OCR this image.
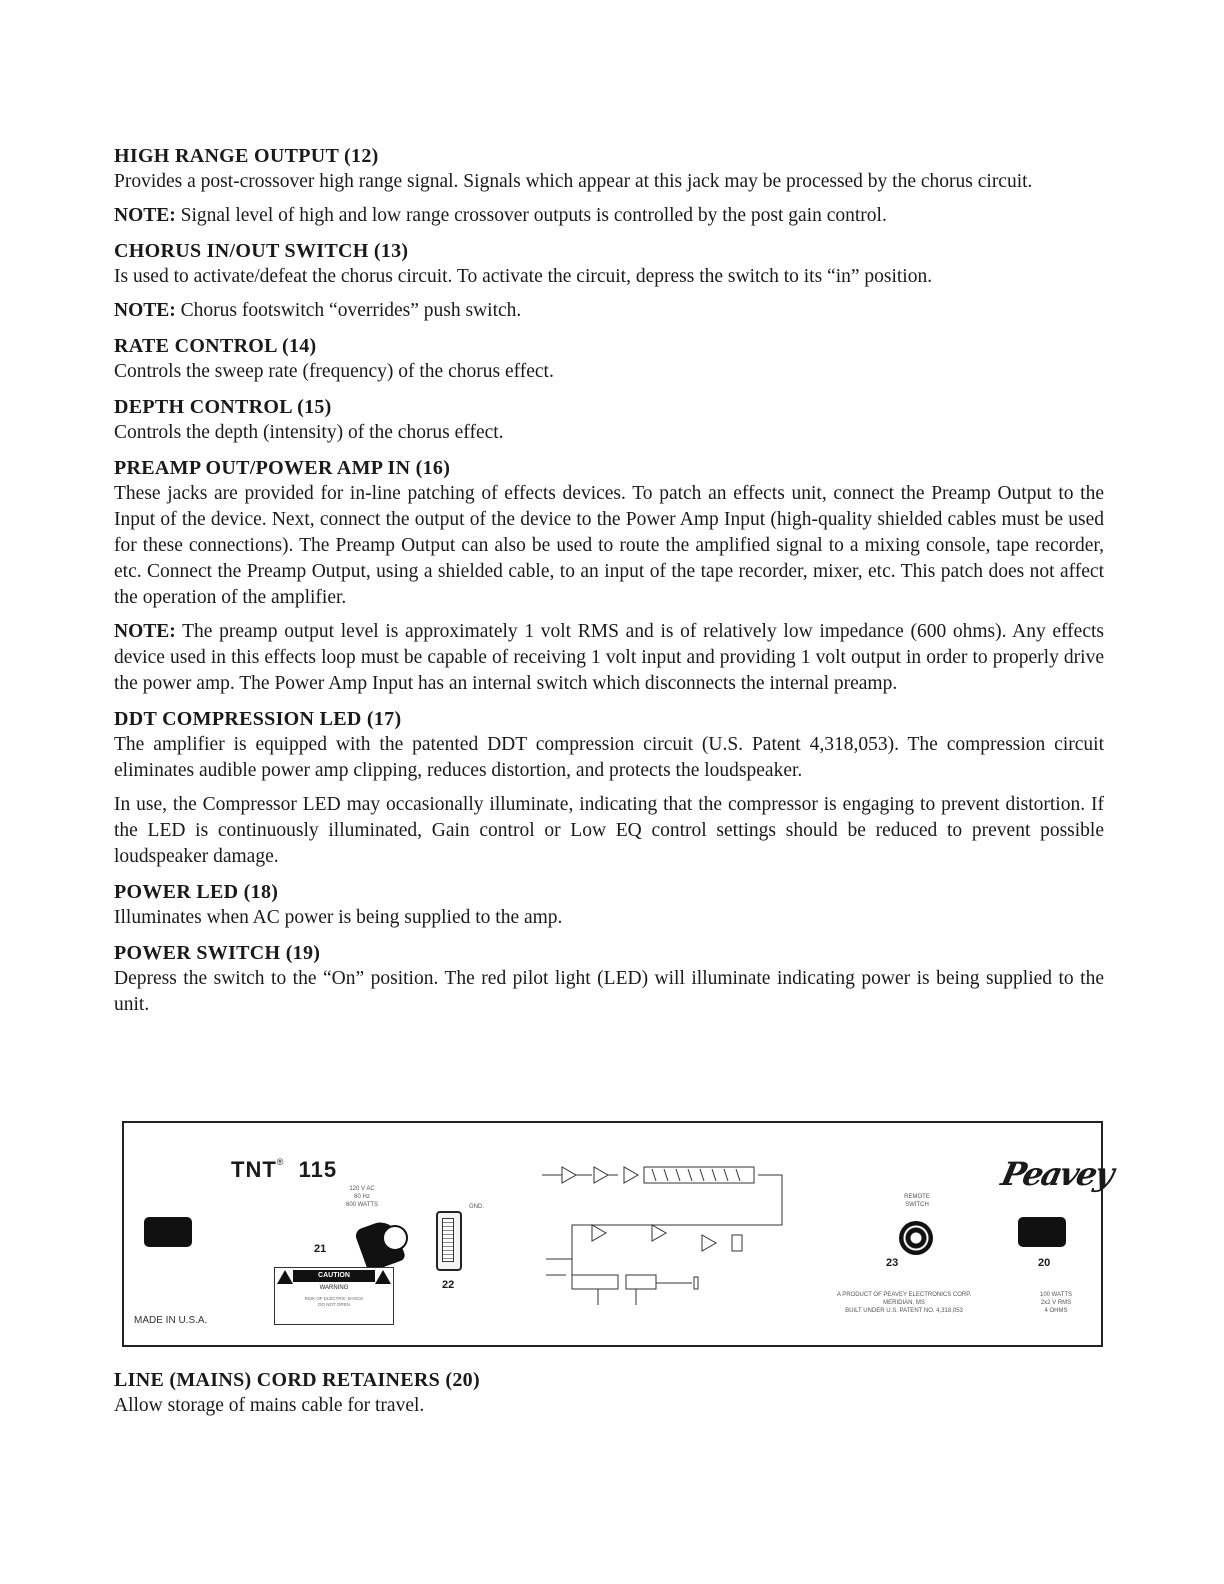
HIGH RANGE OUTPUT (12)

Provides a post-crossover high range signal. Signals which appear at this jack may be processed by the chorus circuit.

NOTE: Signal level of high and low range crossover outputs is controlled by the post gain control.

CHORUS IN/OUT SWITCH (13)

Is used to activate/defeat the chorus circuit. To activate the circuit, depress the switch to its “in” position.

NOTE: Chorus footswitch “overrides” push switch.

RATE CONTROL (14)

Controls the sweep rate (frequency) of the chorus effect.

DEPTH CONTROL (15)

Controls the depth (intensity) of the chorus effect.

PREAMP OUT/POWER AMP IN (16)

These jacks are provided for in-line patching of effects devices. To patch an effects unit, connect the Preamp Output to the Input of the device. Next, connect the output of the device to the Power Amp Input (high-quality shielded cables must be used for these connections). The Preamp Output can also be used to route the amplified signal to a mixing console, tape recorder, etc. Connect the Preamp Output, using a shielded cable, to an input of the tape recorder, mixer, etc. This patch does not affect the operation of the amplifier.

NOTE: The preamp output level is approximately 1 volt RMS and is of relatively low impedance (600 ohms). Any effects device used in this effects loop must be capable of receiving 1 volt input and providing 1 volt output in order to properly drive the power amp. The Power Amp Input has an internal switch which disconnects the internal preamp.

DDT COMPRESSION LED (17)

The amplifier is equipped with the patented DDT compression circuit (U.S. Patent 4,318,053). The compression circuit eliminates audible power amp clipping, reduces distortion, and protects the loudspeaker.

In use, the Compressor LED may occasionally illuminate, indicating that the compressor is engaging to prevent distortion. If the LED is continuously illuminated, Gain control or Low EQ control settings should be reduced to prevent possible loudspeaker damage.

POWER LED (18)

Illuminates when AC power is being supplied to the amp.

POWER SWITCH (19)

Depress the switch to the “On” position. The red pilot light (LED) will illuminate indicating power is being supplied to the unit.

TNT® 115
120 V AC
60 Hz
600 WATTS
21
CAUTION
WARNING
RISK OF ELECTRIC SHOCK
DO NOT OPEN
GND.
22
REMOTE
SWITCH
23
Peavey
20
A PRODUCT OF PEAVEY ELECTRONICS CORP.
MERIDIAN, MS
BUILT UNDER U.S. PATENT NO. 4,318,053
100 WATTS
2x2 V RMS
4 OHMS
MADE IN U.S.A.

LINE (MAINS) CORD RETAINERS (20)

Allow storage of mains cable for travel.
